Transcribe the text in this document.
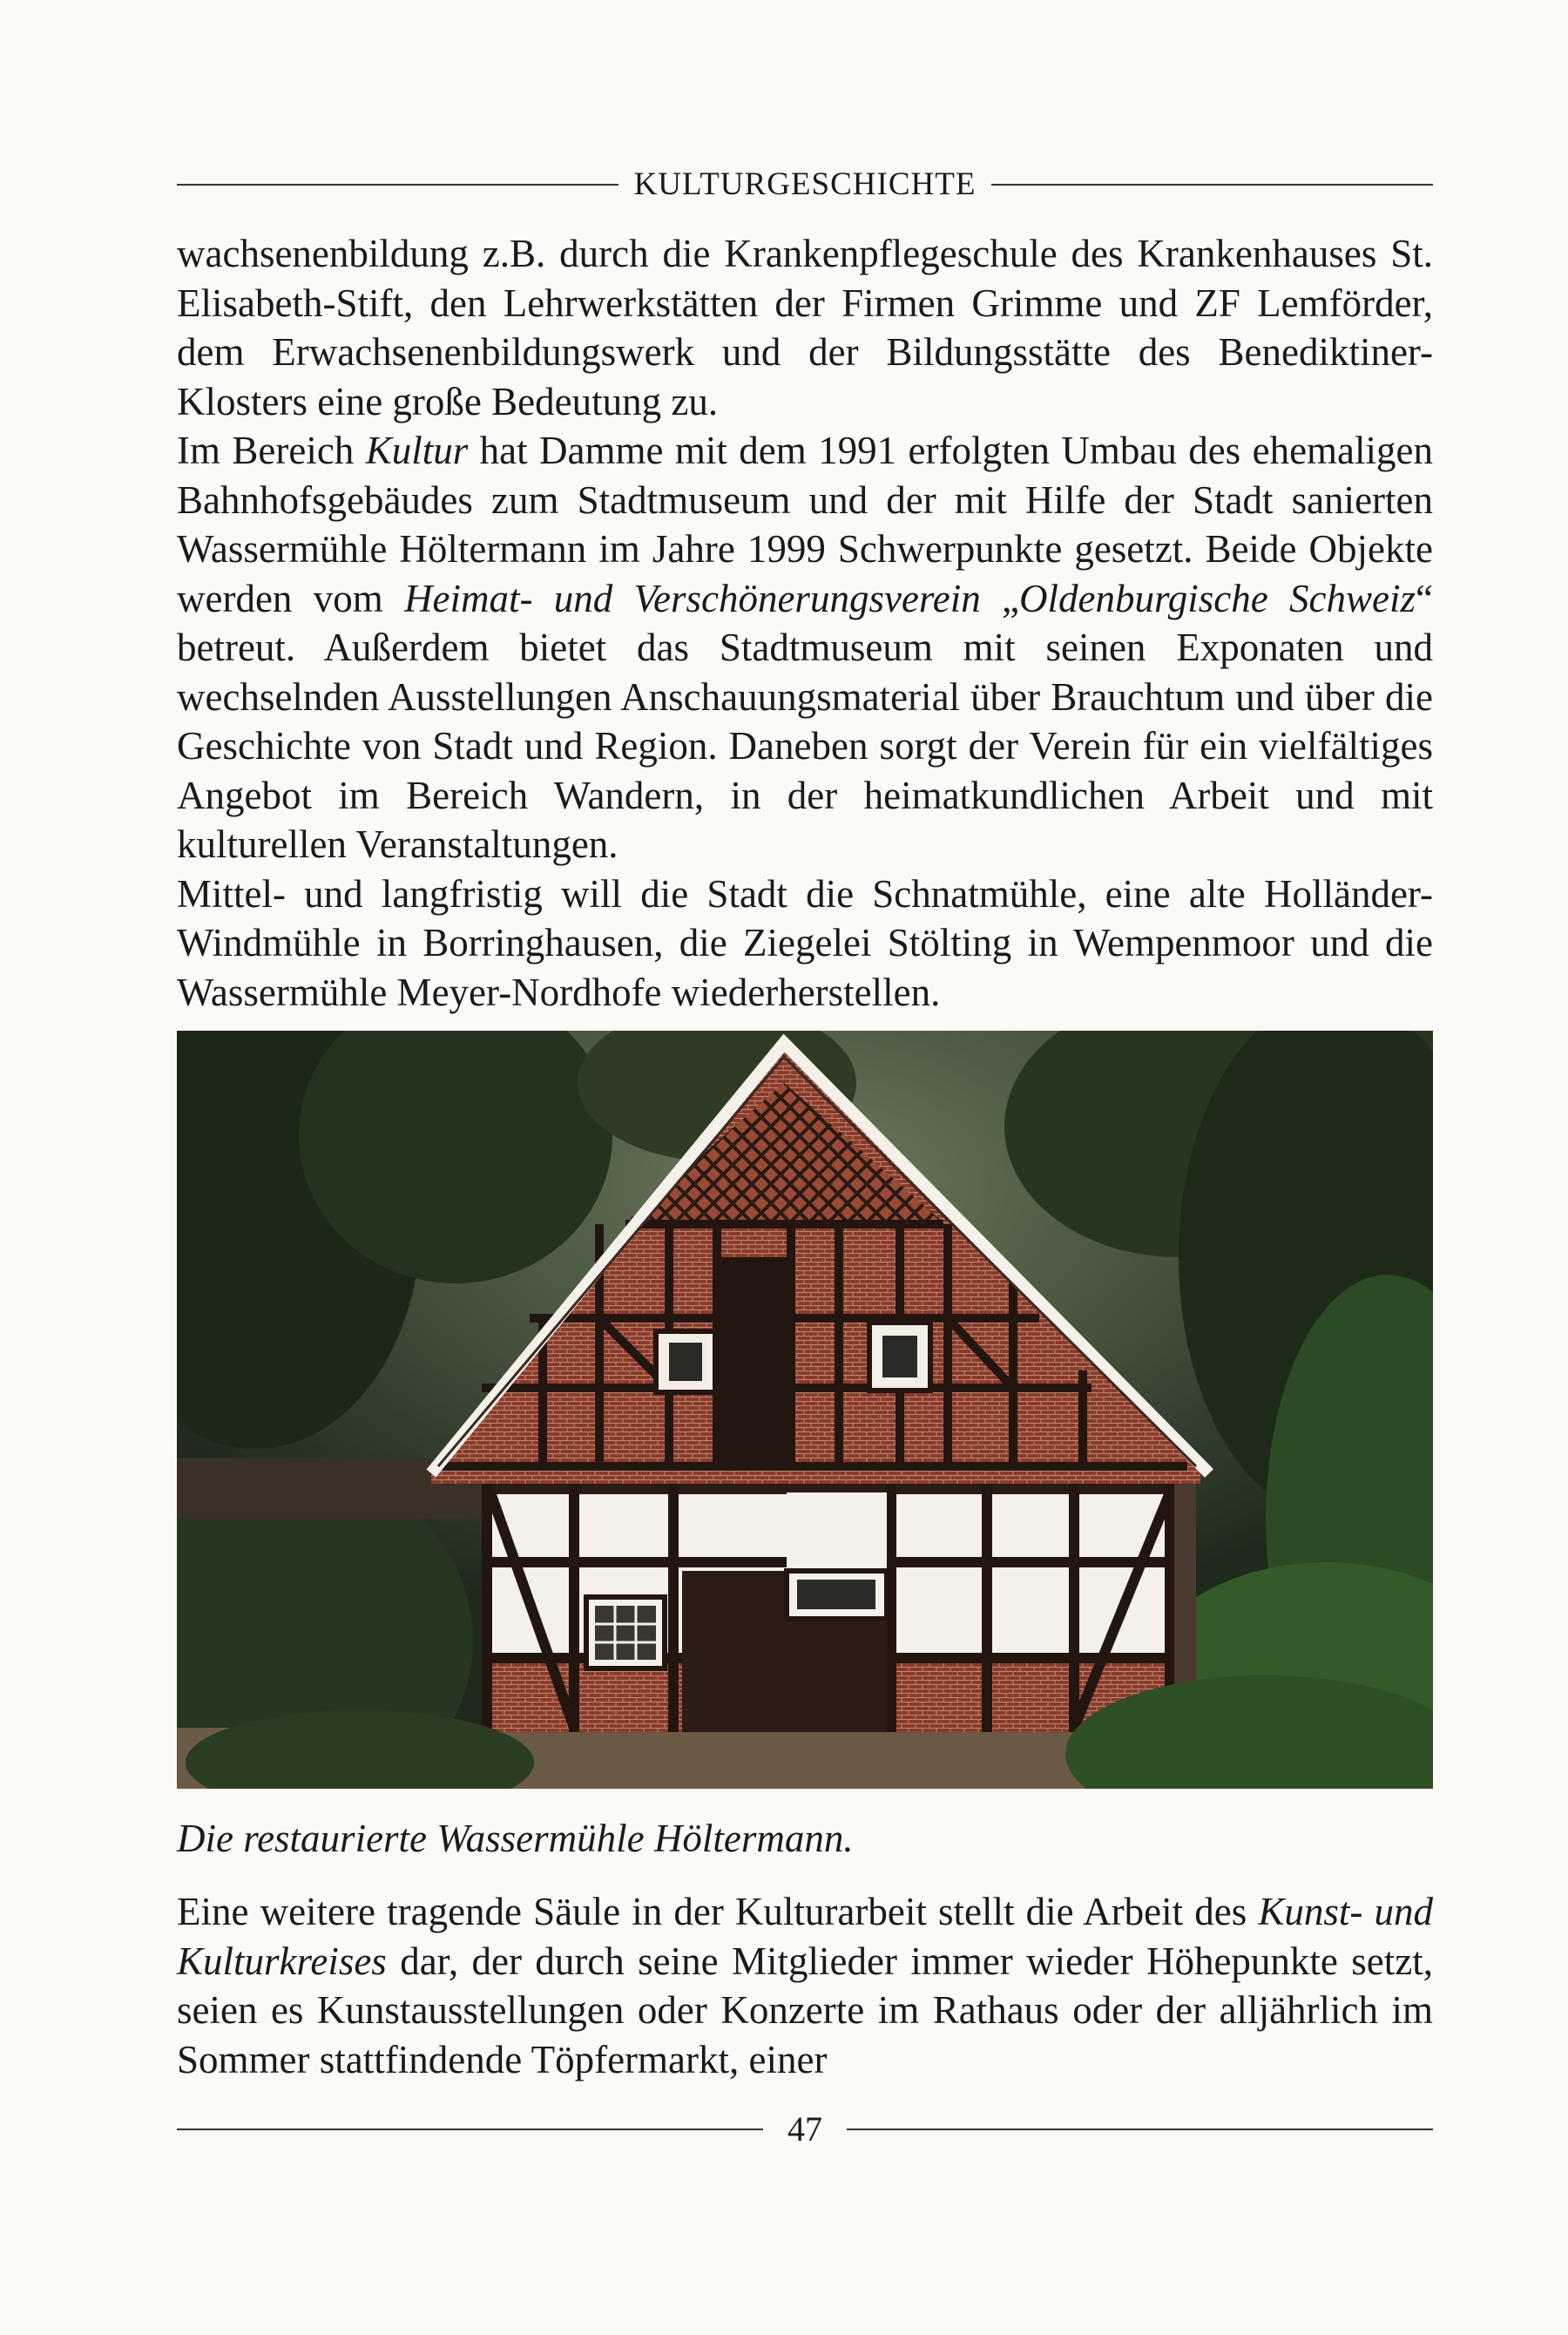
KULTURGESCHICHTE

wachsenenbildung z.B. durch die Krankenpflegeschule des Krankenhauses St. Elisabeth-Stift, den Lehrwerkstätten der Firmen Grimme und ZF Lemförder, dem Erwachsenenbildungswerk und der Bildungsstätte des Benediktiner-Klosters eine große Bedeutung zu.

Im Bereich Kultur hat Damme mit dem 1991 erfolgten Umbau des ehemaligen Bahnhofsgebäudes zum Stadtmuseum und der mit Hilfe der Stadt sanierten Wassermühle Höltermann im Jahre 1999 Schwerpunkte gesetzt. Beide Objekte werden vom Heimat- und Verschönerungsverein „Oldenburgische Schweiz“ betreut. Außerdem bietet das Stadtmuseum mit seinen Exponaten und wechselnden Ausstellungen Anschauungsmaterial über Brauchtum und über die Geschichte von Stadt und Region. Daneben sorgt der Verein für ein vielfältiges Angebot im Bereich Wandern, in der heimatkundlichen Arbeit und mit kulturellen Veranstaltungen.

Mittel- und langfristig will die Stadt die Schnatmühle, eine alte Holländer-Windmühle in Borringhausen, die Ziegelei Stölting in Wempenmoor und die Wassermühle Meyer-Nordhofe wiederherstellen.

Die restaurierte Wassermühle Höltermann.

Eine weitere tragende Säule in der Kulturarbeit stellt die Arbeit des Kunst- und Kulturkreises dar, der durch seine Mitglieder immer wieder Höhepunkte setzt, seien es Kunstausstellungen oder Konzerte im Rathaus oder der alljährlich im Sommer stattfindende Töpfermarkt, einer

47
